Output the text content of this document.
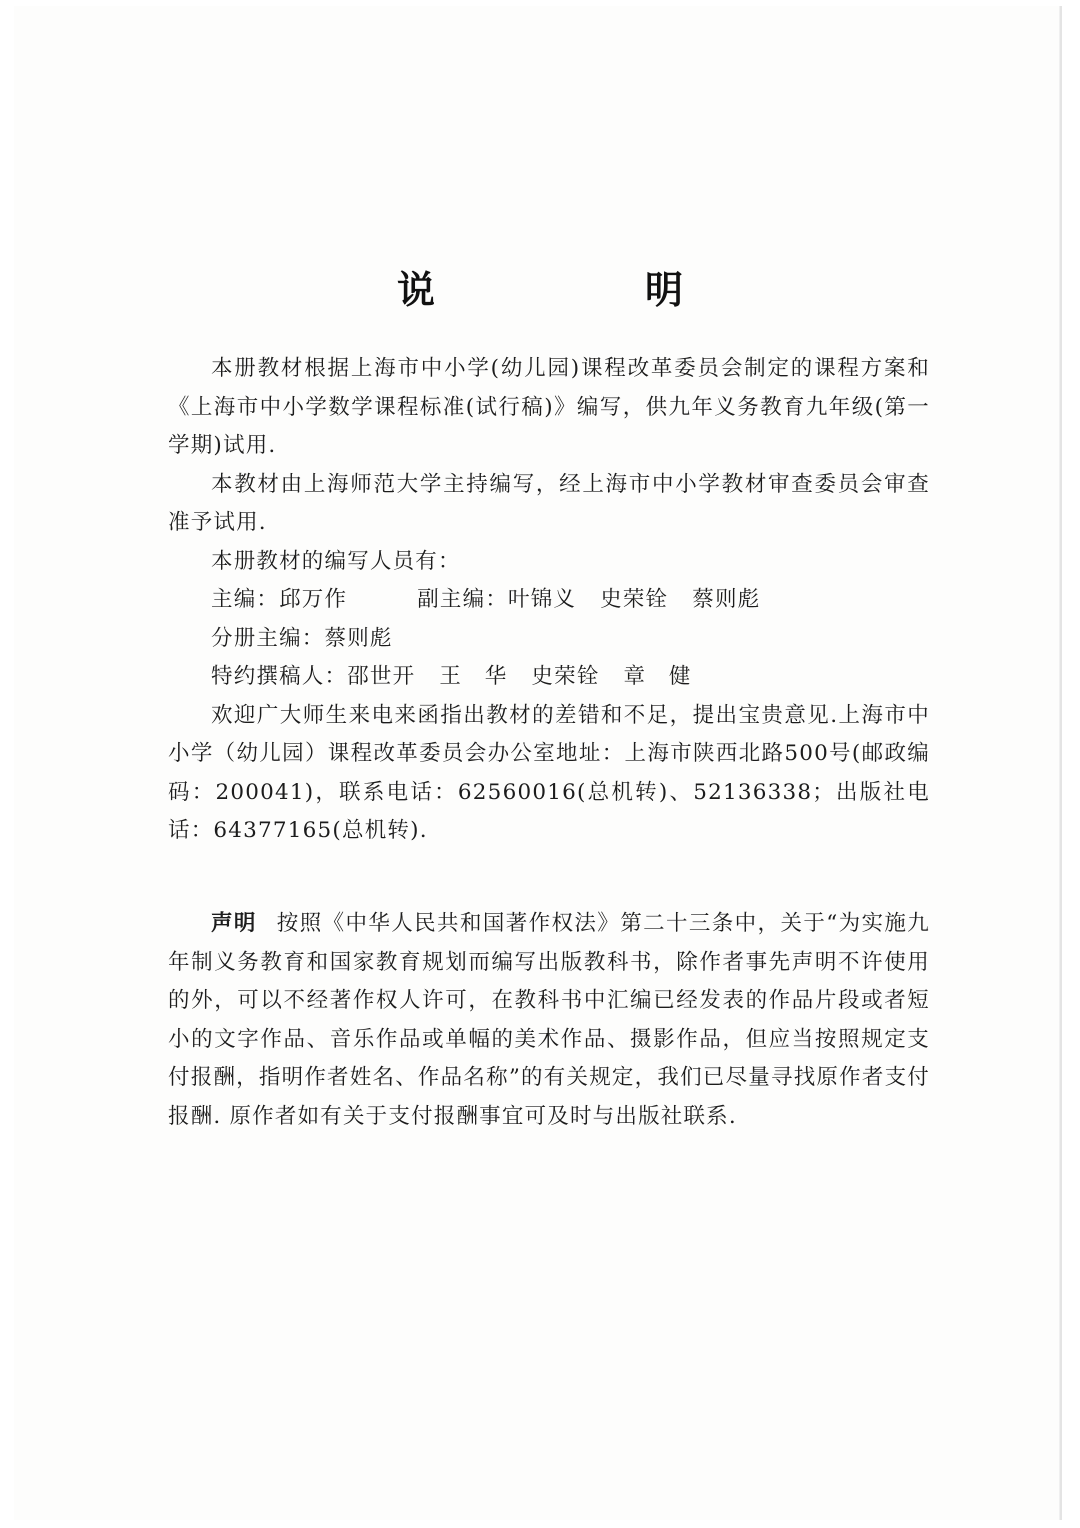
说　明

本册教材根据上海市中小学(幼儿园)课程改革委员会制定的课程方案和《上海市中小学数学课程标准(试行稿)》编写，供九年义务教育九年级(第一学期)试用.

本教材由上海师范大学主持编写，经上海市中小学教材审查委员会审查准予试用.

本册教材的编写人员有：

主编：邱万作	副主编：叶锦义 史荣铨 蔡则彪

分册主编：蔡则彪

特约撰稿人：邵世开 王　华 史荣铨 章　健

欢迎广大师生来电来函指出教材的差错和不足，提出宝贵意见.上海市中小学（幼儿园）课程改革委员会办公室地址：上海市陕西北路500号(邮政编码：200041)，联系电话：62560016(总机转)、52136338；出版社电话：64377165(总机转).

声明 按照《中华人民共和国著作权法》第二十三条中，关于“为实施九年制义务教育和国家教育规划而编写出版教科书，除作者事先声明不许使用的外，可以不经著作权人许可，在教科书中汇编已经发表的作品片段或者短小的文字作品、音乐作品或单幅的美术作品、摄影作品，但应当按照规定支付报酬，指明作者姓名、作品名称”的有关规定，我们已尽量寻找原作者支付报酬. 原作者如有关于支付报酬事宜可及时与出版社联系.
